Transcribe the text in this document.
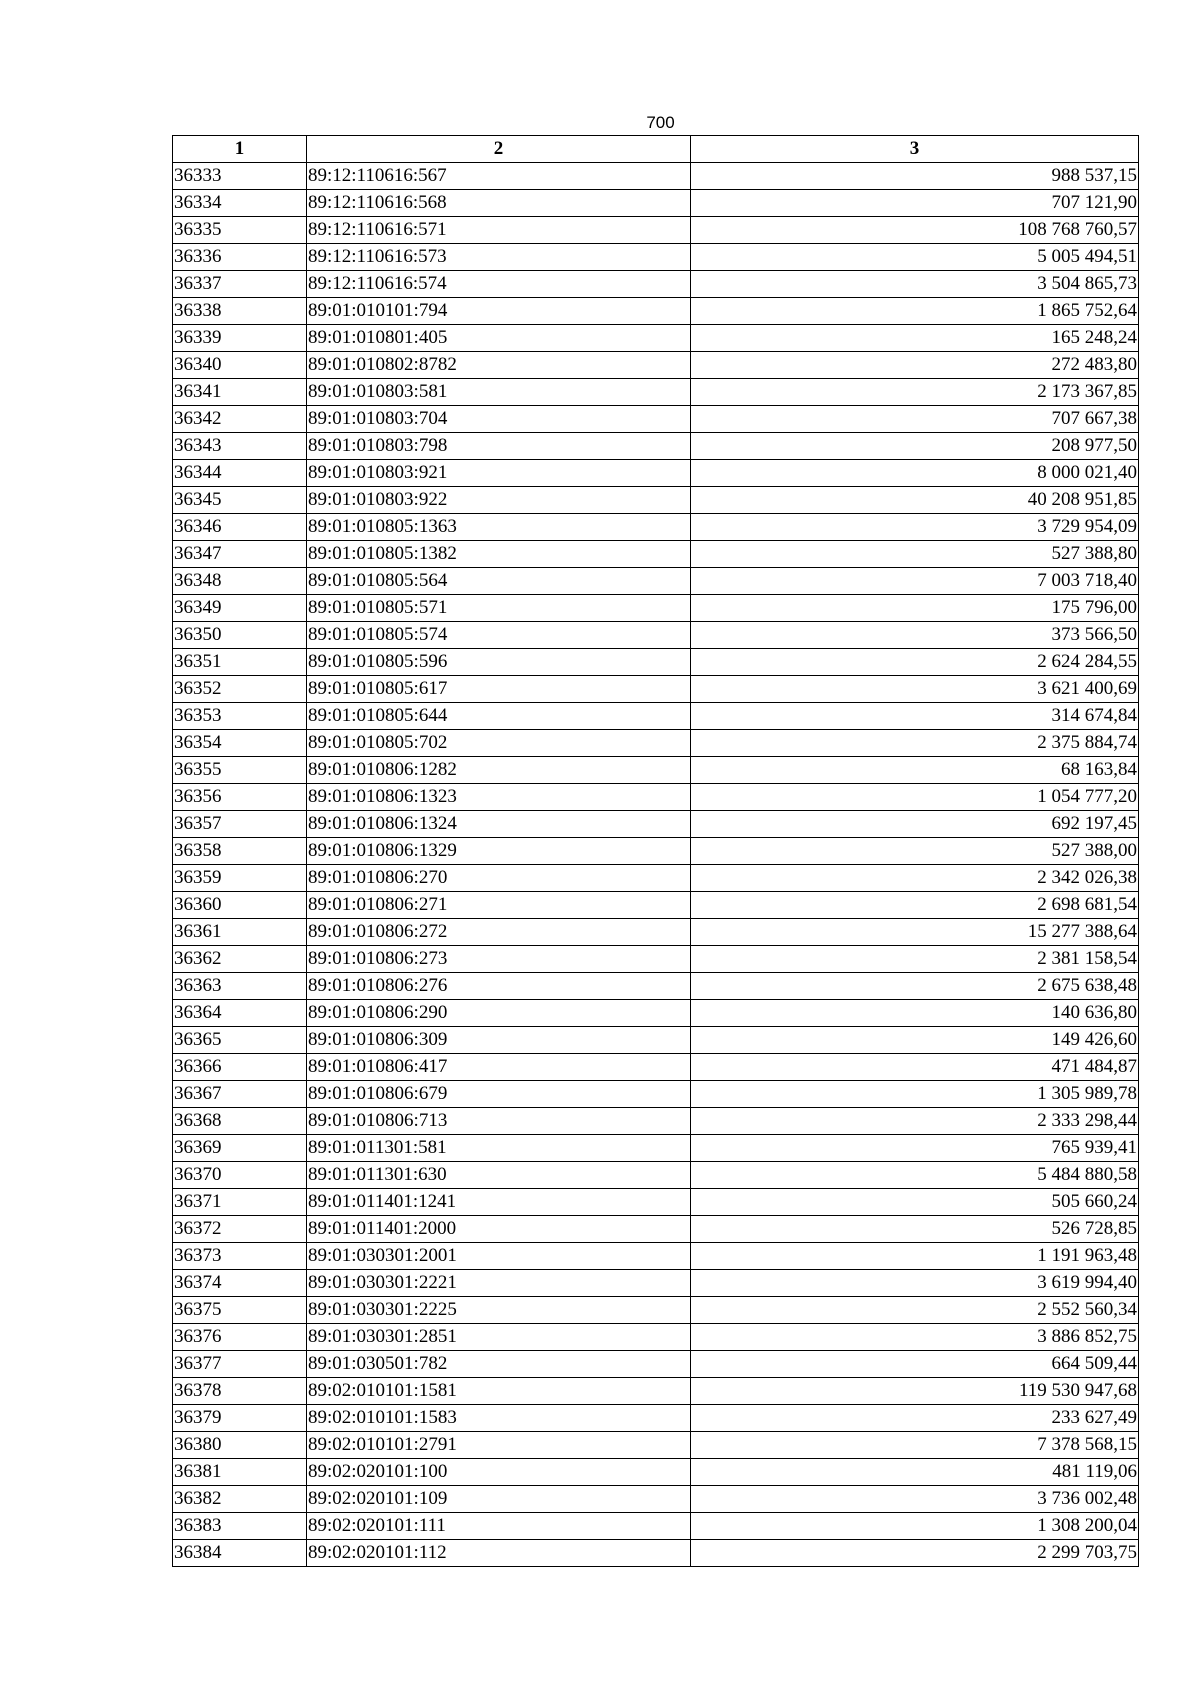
700
1	2	3
36333	89:12:110616:567	988 537,15
36334	89:12:110616:568	707 121,90
36335	89:12:110616:571	108 768 760,57
36336	89:12:110616:573	5 005 494,51
36337	89:12:110616:574	3 504 865,73
36338	89:01:010101:794	1 865 752,64
36339	89:01:010801:405	165 248,24
36340	89:01:010802:8782	272 483,80
36341	89:01:010803:581	2 173 367,85
36342	89:01:010803:704	707 667,38
36343	89:01:010803:798	208 977,50
36344	89:01:010803:921	8 000 021,40
36345	89:01:010803:922	40 208 951,85
36346	89:01:010805:1363	3 729 954,09
36347	89:01:010805:1382	527 388,80
36348	89:01:010805:564	7 003 718,40
36349	89:01:010805:571	175 796,00
36350	89:01:010805:574	373 566,50
36351	89:01:010805:596	2 624 284,55
36352	89:01:010805:617	3 621 400,69
36353	89:01:010805:644	314 674,84
36354	89:01:010805:702	2 375 884,74
36355	89:01:010806:1282	68 163,84
36356	89:01:010806:1323	1 054 777,20
36357	89:01:010806:1324	692 197,45
36358	89:01:010806:1329	527 388,00
36359	89:01:010806:270	2 342 026,38
36360	89:01:010806:271	2 698 681,54
36361	89:01:010806:272	15 277 388,64
36362	89:01:010806:273	2 381 158,54
36363	89:01:010806:276	2 675 638,48
36364	89:01:010806:290	140 636,80
36365	89:01:010806:309	149 426,60
36366	89:01:010806:417	471 484,87
36367	89:01:010806:679	1 305 989,78
36368	89:01:010806:713	2 333 298,44
36369	89:01:011301:581	765 939,41
36370	89:01:011301:630	5 484 880,58
36371	89:01:011401:1241	505 660,24
36372	89:01:011401:2000	526 728,85
36373	89:01:030301:2001	1 191 963,48
36374	89:01:030301:2221	3 619 994,40
36375	89:01:030301:2225	2 552 560,34
36376	89:01:030301:2851	3 886 852,75
36377	89:01:030501:782	664 509,44
36378	89:02:010101:1581	119 530 947,68
36379	89:02:010101:1583	233 627,49
36380	89:02:010101:2791	7 378 568,15
36381	89:02:020101:100	481 119,06
36382	89:02:020101:109	3 736 002,48
36383	89:02:020101:111	1 308 200,04
36384	89:02:020101:112	2 299 703,75
